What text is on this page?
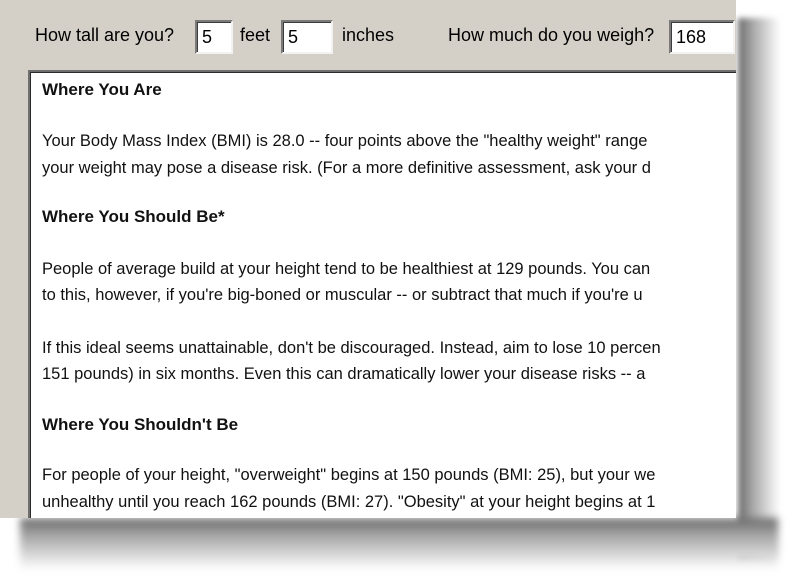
How tall are you?
5	feet
5	inches	How much do you weigh?
168
Where You Are
Your Body Mass Index (BMI) is 28.0 -- four points above the "healthy weight" range
your weight may pose a disease risk. (For a more definitive assessment, ask your d
Where You Should Be*
People of average build at your height tend to be healthiest at 129 pounds. You can
to this, however, if you're big-boned or muscular -- or subtract that much if you're u
If this ideal seems unattainable, don't be discouraged. Instead, aim to lose 10 percen
151 pounds) in six months. Even this can dramatically lower your disease risks -- a
Where You Shouldn't Be
For people of your height, "overweight" begins at 150 pounds (BMI: 25), but your we
unhealthy until you reach 162 pounds (BMI: 27). "Obesity" at your height begins at 1
